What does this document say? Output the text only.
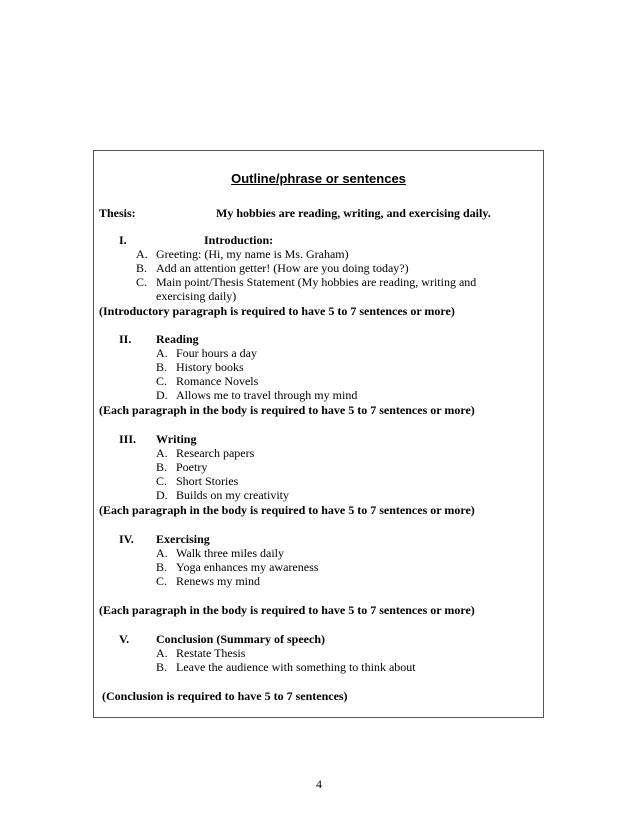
Outline/phrase or sentences
Thesis:	My hobbies are reading, writing, and exercising daily.
I.	Introduction:
A. Greeting: (Hi, my name is Ms. Graham)
B. Add an attention getter! (How are you doing today?)
C. Main point/Thesis Statement (My hobbies are reading, writing and
exercising daily)
(Introductory paragraph is required to have 5 to 7 sentences or more)
II. Reading
A. Four hours a day
B. History books
C. Romance Novels
D. Allows me to travel through my mind
(Each paragraph in the body is required to have 5 to 7 sentences or more)
III. Writing
A. Research papers
B. Poetry
C. Short Stories
D. Builds on my creativity
(Each paragraph in the body is required to have 5 to 7 sentences or more)
IV. Exercising
A. Walk three miles daily
B. Yoga enhances my awareness
C. Renews my mind
(Each paragraph in the body is required to have 5 to 7 sentences or more)
V. Conclusion (Summary of speech)
A. Restate Thesis
B. Leave the audience with something to think about
(Conclusion is required to have 5 to 7 sentences)
4
